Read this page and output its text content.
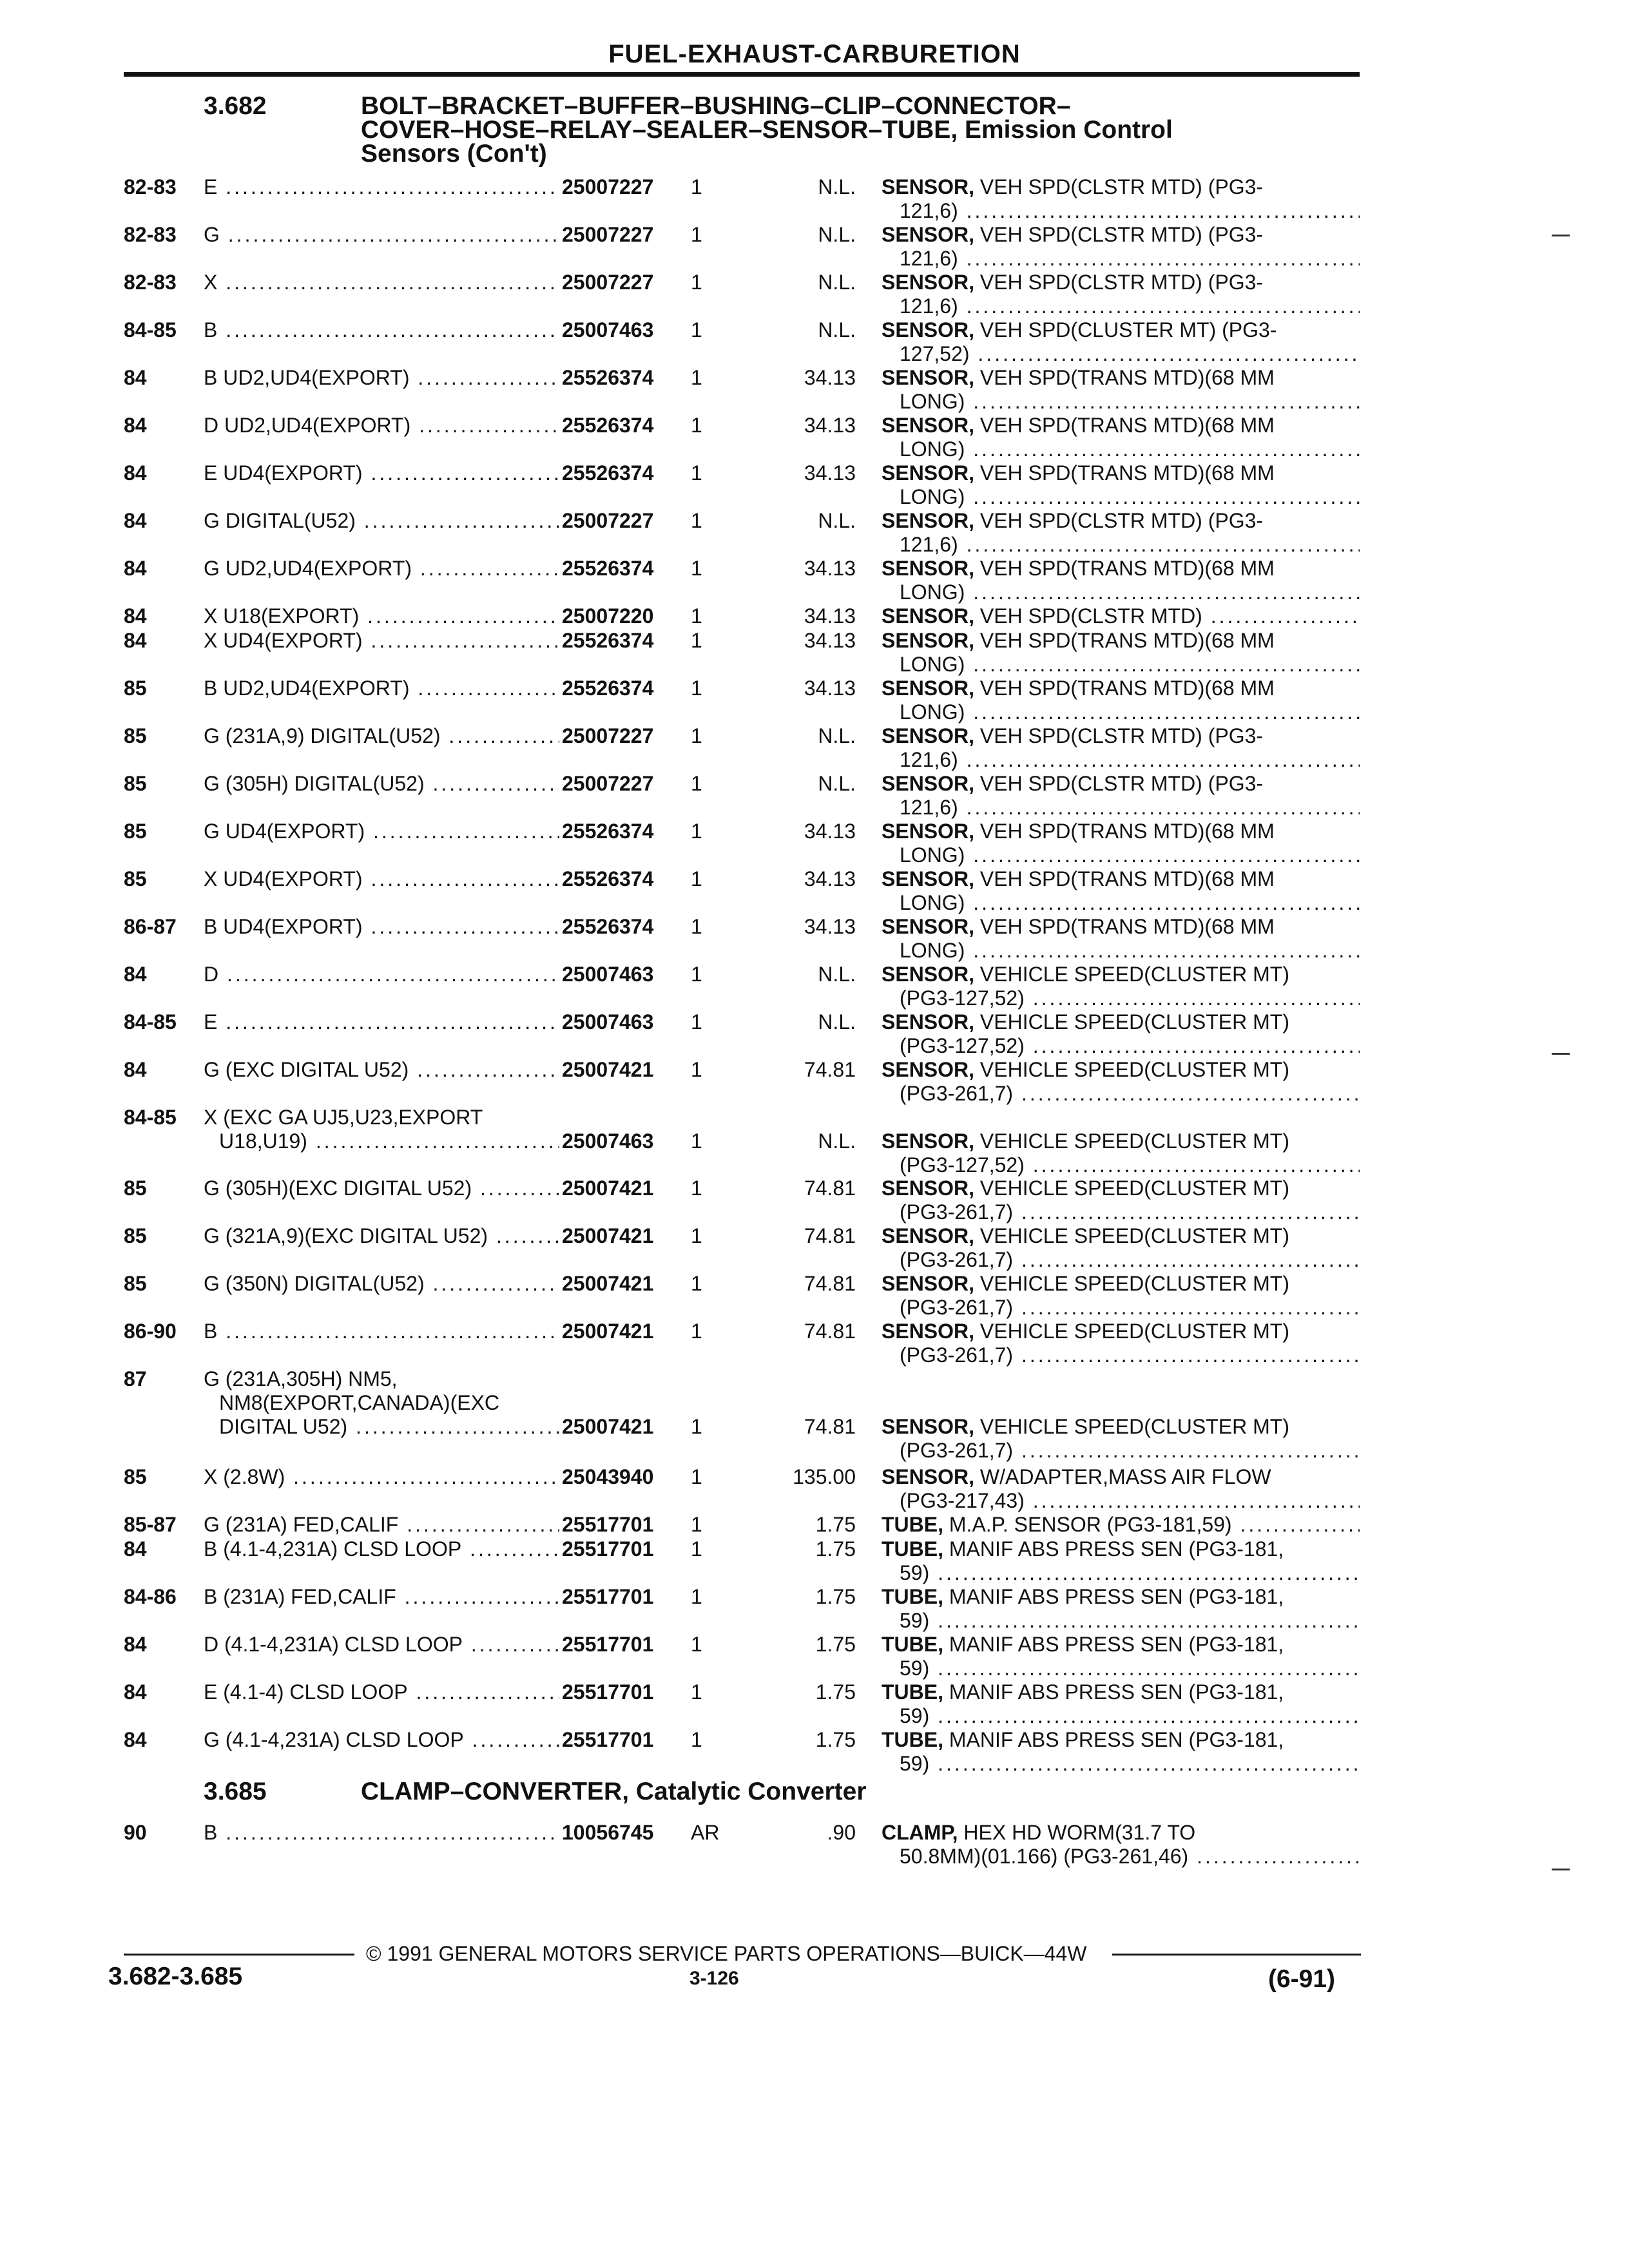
FUEL-EXHAUST-CARBURETION
3.682	BOLT–BRACKET–BUFFER–BUSHING–CLIP–CONNECTOR–
COVER–HOSE–RELAY–SEALER–SENSOR–TUBE, Emission Control
Sensors (Con't)
82-83 E .....	25007227 1	N.L. SENSOR, VEH SPD(CLSTR MTD) (PG3-
121,6) .....
82-83 G .....	25007227 1	N.L. SENSOR, VEH SPD(CLSTR MTD) (PG3-
121,6) .....
82-83 X .....	25007227 1	N.L. SENSOR, VEH SPD(CLSTR MTD) (PG3-
121,6) .....
84-85 B .....	25007463 1	N.L. SENSOR, VEH SPD(CLUSTER MT) (PG3-
127,52) .....
84	B UD2,UD4(EXPORT) .....	25526374 1	34.13 SENSOR, VEH SPD(TRANS MTD)(68 MM
LONG) .....
84	D UD2,UD4(EXPORT) .....	25526374 1	34.13 SENSOR, VEH SPD(TRANS MTD)(68 MM
LONG) .....
84	E UD4(EXPORT) .....	25526374 1	34.13 SENSOR, VEH SPD(TRANS MTD)(68 MM
LONG) .....
84	G DIGITAL(U52) .....	25007227 1	N.L. SENSOR, VEH SPD(CLSTR MTD) (PG3-
121,6) .....
84	G UD2,UD4(EXPORT) .....	25526374 1	34.13 SENSOR, VEH SPD(TRANS MTD)(68 MM
LONG) .....
84	X U18(EXPORT) .....	25007220 1	34.13 SENSOR, VEH SPD(CLSTR MTD) .....
84	X UD4(EXPORT) .....	25526374 1	34.13 SENSOR, VEH SPD(TRANS MTD)(68 MM
LONG) .....
85	B UD2,UD4(EXPORT) .....	25526374 1	34.13 SENSOR, VEH SPD(TRANS MTD)(68 MM
LONG) .....
85	G (231A,9) DIGITAL(U52) .....	25007227 1	N.L. SENSOR, VEH SPD(CLSTR MTD) (PG3-
121,6) .....
85	G (305H) DIGITAL(U52) .....	25007227 1	N.L. SENSOR, VEH SPD(CLSTR MTD) (PG3-
121,6) .....
85	G UD4(EXPORT) .....	25526374 1	34.13 SENSOR, VEH SPD(TRANS MTD)(68 MM
LONG) .....
85	X UD4(EXPORT) .....	25526374 1	34.13 SENSOR, VEH SPD(TRANS MTD)(68 MM
LONG) .....
86-87 B UD4(EXPORT) .....	25526374 1	34.13 SENSOR, VEH SPD(TRANS MTD)(68 MM
LONG) .....
84	D .....	25007463 1	N.L. SENSOR, VEHICLE SPEED(CLUSTER MT)
(PG3-127,52) .....
84-85 E .....	25007463 1	N.L. SENSOR, VEHICLE SPEED(CLUSTER MT)
(PG3-127,52) .....
84	G (EXC DIGITAL U52) .....	25007421 1	74.81 SENSOR, VEHICLE SPEED(CLUSTER MT)
(PG3-261,7) .....
84-85 X (EXC GA UJ5,U23,EXPORT
U18,U19) .....	25007463 1	N.L. SENSOR, VEHICLE SPEED(CLUSTER MT)
(PG3-127,52) .....
85	G (305H)(EXC DIGITAL U52) .....	25007421 1	74.81 SENSOR, VEHICLE SPEED(CLUSTER MT)
(PG3-261,7) .....
85	G (321A,9)(EXC DIGITAL U52) .....	25007421 1	74.81 SENSOR, VEHICLE SPEED(CLUSTER MT)
(PG3-261,7) .....
85	G (350N) DIGITAL(U52) .....	25007421 1	74.81 SENSOR, VEHICLE SPEED(CLUSTER MT)
(PG3-261,7) .....
86-90 B .....	25007421 1	74.81 SENSOR, VEHICLE SPEED(CLUSTER MT)
(PG3-261,7) .....
87	G (231A,305H) NM5,
NM8(EXPORT,CANADA)(EXC
DIGITAL U52) .....	25007421 1	74.81 SENSOR, VEHICLE SPEED(CLUSTER MT)
(PG3-261,7) .....
85	X (2.8W) .....	25043940 1	135.00 SENSOR, W/ADAPTER,MASS AIR FLOW
(PG3-217,43) .....
85-87 G (231A) FED,CALIF .....	25517701 1	1.75 TUBE, M.A.P. SENSOR (PG3-181,59) .....
84	B (4.1-4,231A) CLSD LOOP .....	25517701 1	1.75 TUBE, MANIF ABS PRESS SEN (PG3-181,
59) .....
84-86 B (231A) FED,CALIF .....	25517701 1	1.75 TUBE, MANIF ABS PRESS SEN (PG3-181,
59) .....
84	D (4.1-4,231A) CLSD LOOP .....	25517701 1	1.75 TUBE, MANIF ABS PRESS SEN (PG3-181,
59) .....
84	E (4.1-4) CLSD LOOP .....	25517701 1	1.75 TUBE, MANIF ABS PRESS SEN (PG3-181,
59) .....
84	G (4.1-4,231A) CLSD LOOP .....	25517701 1	1.75 TUBE, MANIF ABS PRESS SEN (PG3-181,
59) .....
3.685	CLAMP–CONVERTER, Catalytic Converter
90	B .....	10056745 AR	.90 CLAMP, HEX HD WORM(31.7 TO
50.8MM)(01.166) (PG3-261,46) .....
© 1991 GENERAL MOTORS SERVICE PARTS OPERATIONS—BUICK—44W
3.682-3.685	3-126	(6-91)
